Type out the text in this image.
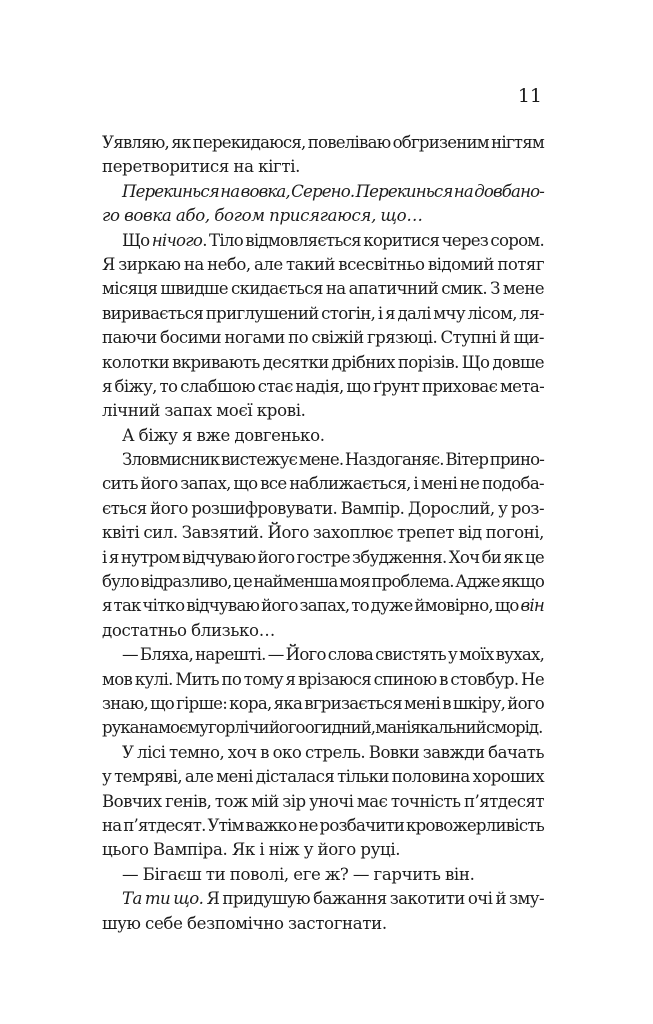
11

Уявляю, як перекидаюся, повеліваю обгризеним нігтям
перетворитися на кігті.
Перекинься на вовка, Серено. Перекинься на довбано-
го вовка або, богом присягаюся, що…
Що нічого. Тіло відмовляється коритися через сором.
Я зиркаю на небо, але такий всесвітньо відомий потяг
місяця швидше скидається на апатичний смик. З мене
виривається приглушений стогін, і я далі мчу лісом, ля-
паючи босими ногами по свіжій грязюці. Ступні й щи-
колотки вкривають десятки дрібних порізів. Що довше
я біжу, то слабшою стає надія, що ґрунт приховає мета-
лічний запах моєї крові.
А біжу я вже довгенько.
Зловмисник вистежує мене. Наздоганяє. Вітер прино-
сить його запах, що все наближається, і мені не подоба-
ється його розшифровувати. Вампір. Дорослий, у роз-
квіті сил. Завзятий. Його захоплює трепет від погоні,
і я нутром відчуваю його гостре збудження. Хоч би як це
було відразливо, це найменша моя проблема. Адже якщо
я так чітко відчуваю його запах, то дуже ймовірно, що він
достатньо близько…
— Бляха, нарешті. — Його слова свистять у моїх вухах,
мов кулі. Мить по тому я врізаюся спиною в стовбур. Не
знаю, що гірше: кора, яка вгризається мені в шкіру, його
рука на моєму горлі чи його огидний, маніякальний сморід.
У лісі темно, хоч в око стрель. Вовки завжди бачать
у темряві, але мені дісталася тільки половина хороших
Вовчих генів, тож мій зір уночі має точність п’ятдесят
на п’ятдесят. Утім важко не розбачити кровожерливість
цього Вампіра. Як і ніж у його руці.
— Бігаєш ти поволі, еге ж? — гарчить він.
Та ти що. Я придушую бажання закотити очі й зму-
шую себе безпомічно застогнати.
